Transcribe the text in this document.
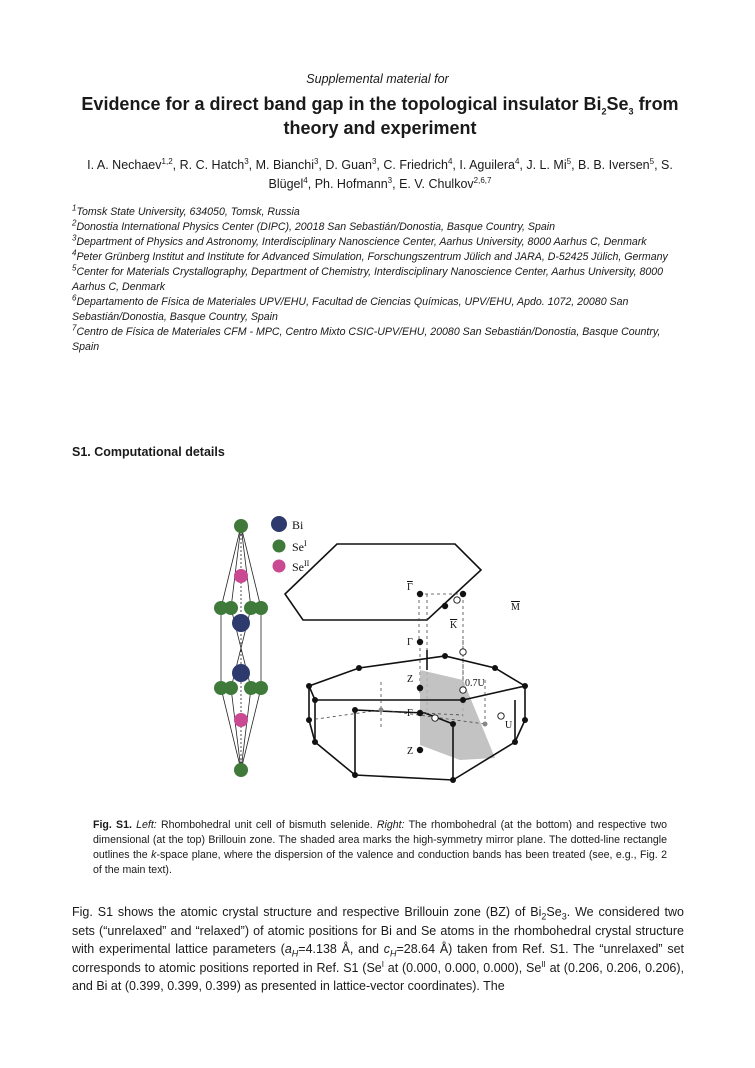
Supplemental material for
Evidence for a direct band gap in the topological insulator $Bi_2Se_3$ from theory and experiment
I. A. Nechaev$^{1,2}$, R. C. Hatch$^3$, M. Bianchi$^3$, D. Guan$^3$, C. Friedrich$^4$, I. Aguilera$^4$, J. L. Mi$^5$, B. B. Iversen$^5$, S. Blügel$^4$, Ph. Hofmann$^3$, E. V. Chulkov$^{2,6,7}$
$^1$Tomsk State University, 634050, Tomsk, Russia
$^2$Donostia International Physics Center (DIPC), 20018 San Sebastián/Donostia, Basque Country, Spain
$^3$Department of Physics and Astronomy, Interdisciplinary Nanoscience Center, Aarhus University, 8000 Aarhus C, Denmark
$^4$Peter Grünberg Institut and Institute for Advanced Simulation, Forschungszentrum Jülich and JARA, D-52425 Jülich, Germany
$^5$Center for Materials Crystallography, Department of Chemistry, Interdisciplinary Nanoscience Center, Aarhus University, 8000 Aarhus C, Denmark
$^6$Departamento de Física de Materiales UPV/EHU, Facultad de Ciencias Químicas, UPV/EHU, Apdo. 1072, 20080 San Sebastián/Donostia, Basque Country, Spain
$^7$Centro de Física de Materiales CFM - MPC, Centro Mixto CSIC-UPV/EHU, 20080 San Sebastián/Donostia, Basque Country, Spain
S1. Computational details
Bi
$Se^I$
$Se^{II}$
Γ
K
M
Γ
Z	0.7U
Γ
U
Z
Fig. S1. Left: Rhombohedral unit cell of bismuth selenide. Right: The rhombohedral (at the bottom) and respective two dimensional (at the top) Brillouin zone. The shaded area marks the high-symmetry mirror plane. The dotted-line rectangle outlines the k-space plane, where the dispersion of the valence and conduction bands has been treated (see, e.g., Fig. 2 of the main text).
Fig. S1 shows the atomic crystal structure and respective Brillouin zone (BZ) of $Bi_2Se_3$. We considered two sets (“unrelaxed” and “relaxed”) of atomic positions for Bi and Se atoms in the rhombohedral crystal structure with experimental lattice parameters ($a_H=4.138$ Å, and $c_H=28.64$ Å) taken from Ref. S1. The “unrelaxed” set corresponds to atomic positions reported in Ref. S1 ($Se^I$ at (0.000, 0.000, 0.000), $Se^{II}$ at (0.206, 0.206, 0.206), and Bi at (0.399, 0.399, 0.399) as presented in lattice-vector coordinates). The
